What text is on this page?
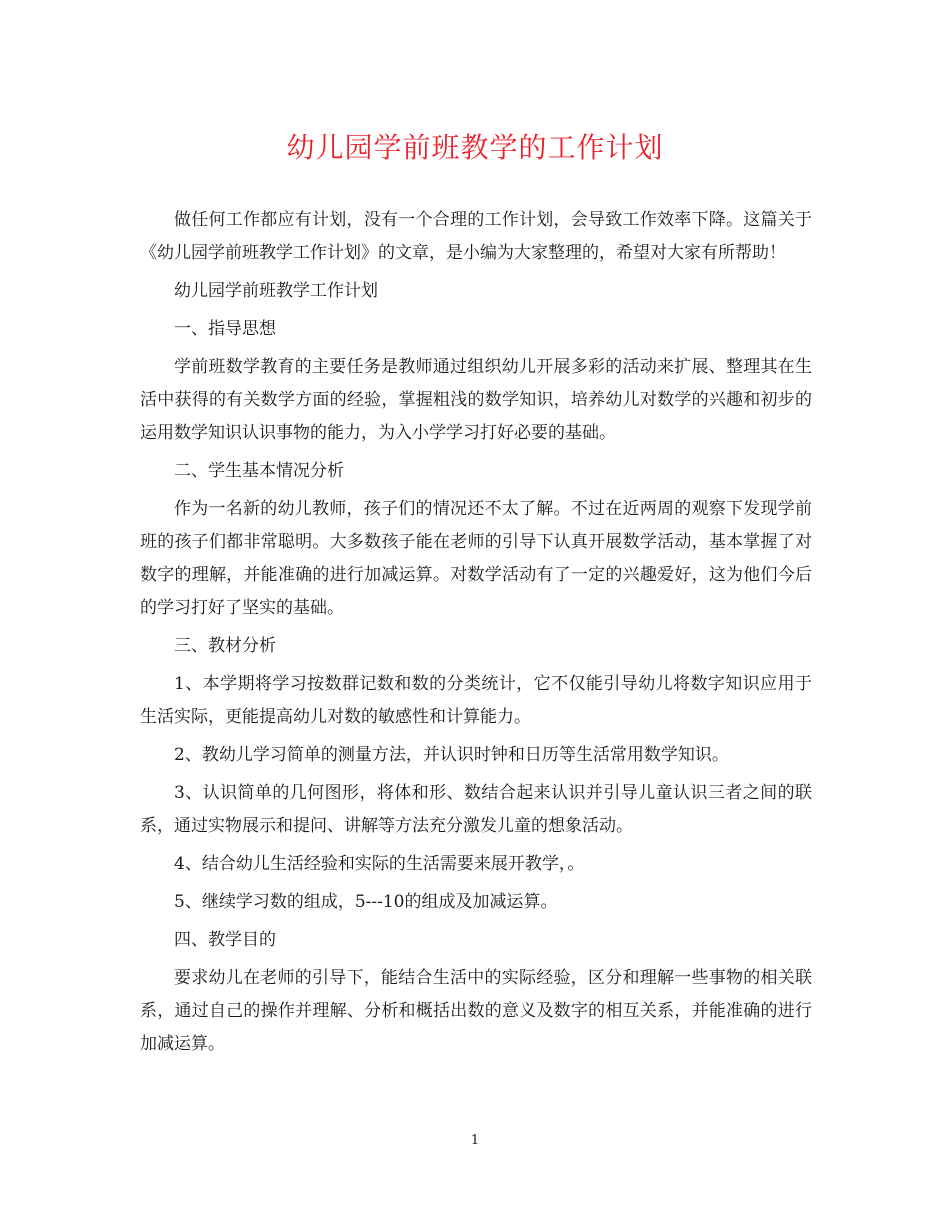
幼儿园学前班教学的工作计划

做任何工作都应有计划，没有一个合理的工作计划，会导致工作效率下降。这篇关于《幼儿园学前班教学工作计划》的文章，是小编为大家整理的，希望对大家有所帮助！

幼儿园学前班教学工作计划

一、指导思想

学前班数学教育的主要任务是教师通过组织幼儿开展多彩的活动来扩展、整理其在生活中获得的有关数学方面的经验，掌握粗浅的数学知识，培养幼儿对数学的兴趣和初步的运用数学知识认识事物的能力，为入小学学习打好必要的基础。

二、学生基本情况分析

作为一名新的幼儿教师，孩子们的情况还不太了解。不过在近两周的观察下发现学前班的孩子们都非常聪明。大多数孩子能在老师的引导下认真开展数学活动，基本掌握了对数字的理解，并能准确的进行加减运算。对数学活动有了一定的兴趣爱好，这为他们今后的学习打好了坚实的基础。

三、教材分析

1、本学期将学习按数群记数和数的分类统计，它不仅能引导幼儿将数字知识应用于生活实际，更能提高幼儿对数的敏感性和计算能力。

2、教幼儿学习简单的测量方法，并认识时钟和日历等生活常用数学知识。

3、认识简单的几何图形，将体和形、数结合起来认识并引导儿童认识三者之间的联系，通过实物展示和提问、讲解等方法充分激发儿童的想象活动。

4、结合幼儿生活经验和实际的生活需要来展开教学，。

5、继续学习数的组成，5---10的组成及加减运算。

四、教学目的

要求幼儿在老师的引导下，能结合生活中的实际经验，区分和理解一些事物的相关联系，通过自己的操作并理解、分析和概括出数的意义及数字的相互关系，并能准确的进行加减运算。

1
